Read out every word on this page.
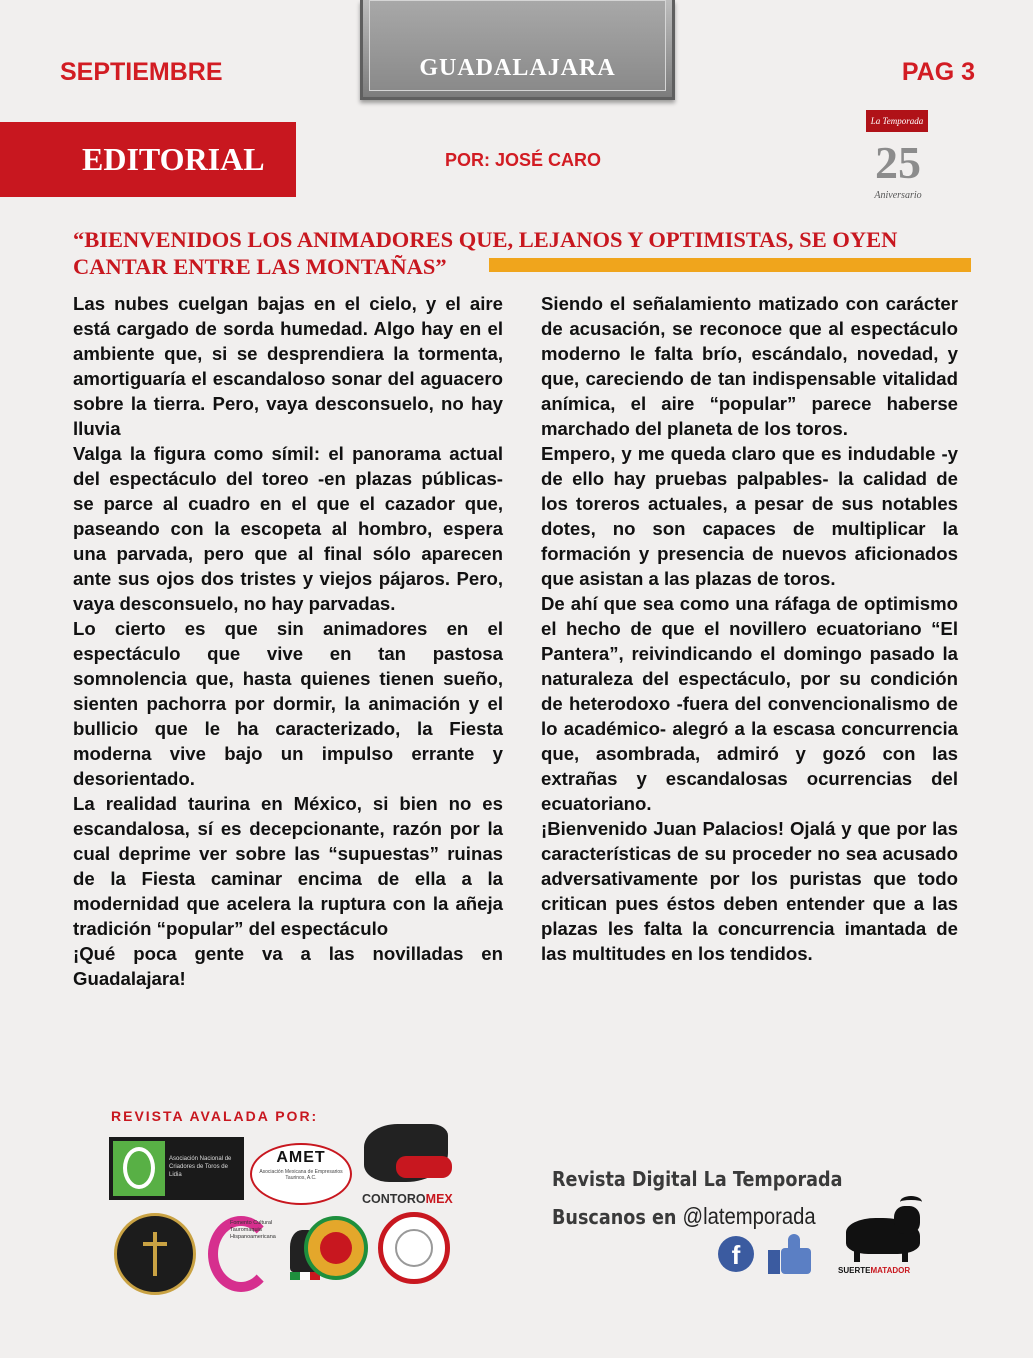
SEPTIEMBRE	GUADALAJARA	PAG 3
EDITORIAL	POR: JOSÉ CARO
La Temporada
25
Aniversario
“BIENVENIDOS LOS ANIMADORES QUE, LEJANOS Y OPTIMISTAS, SE OYEN CANTAR ENTRE LAS MONTAÑAS”

Las nubes cuelgan bajas en el cielo, y el aire está cargado de sorda humedad. Algo hay en el ambiente que, si se desprendiera la tormenta, amortiguaría el escandaloso sonar del aguacero sobre la tierra. Pero, vaya desconsuelo, no hay lluvia

Valga la figura como símil: el panorama actual del espectáculo del toreo -en plazas públicas- se parce al cuadro en el que el cazador que, paseando con la escopeta al hombro, espera una parvada, pero que al final sólo aparecen ante sus ojos dos tristes y viejos pájaros. Pero, vaya desconsuelo, no hay parvadas.

Lo cierto es que sin animadores en el espectáculo que vive en tan pastosa somnolencia que, hasta quienes tienen sueño, sienten pachorra por dormir, la animación y el bullicio que le ha caracterizado, la Fiesta moderna vive bajo un impulso errante y desorientado.

La realidad taurina en México, si bien no es escandalosa, sí es decepcionante, razón por la cual deprime ver sobre las “supuestas” ruinas de la Fiesta caminar encima de ella a la modernidad que acelera la ruptura con la añeja tradición “popular” del espectáculo

¡Qué poca gente va a las novilladas en Guadalajara!

Siendo el señalamiento matizado con carácter de acusación, se reconoce que al espectáculo moderno le falta brío, escándalo, novedad, y que, careciendo de tan indispensable vitalidad anímica, el aire “popular” parece haberse marchado del planeta de los toros.

Empero, y me queda claro que es indudable -y de ello hay pruebas palpables- la calidad de los toreros actuales, a pesar de sus notables dotes, no son capaces de multiplicar la formación y presencia de nuevos aficionados que asistan a las plazas de toros.

De ahí que sea como una ráfaga de optimismo el hecho de que el novillero ecuatoriano “El Pantera”, reivindicando el domingo pasado la naturaleza del espectáculo, por su condición de heterodoxo -fuera del convencionalismo de lo académico- alegró a la escasa concurrencia que, asombrada, admiró y gozó con las extrañas y escandalosas ocurrencias del ecuatoriano.

¡Bienvenido Juan Palacios! Ojalá y que por las características de su proceder no sea acusado adversativamente por los puristas que todo critican pues éstos deben entender que a las plazas les falta la concurrencia imantada de las multitudes en los tendidos.

REVISTA AVALADA POR:
Asociación Nacional de Criadores de Toros de Lidia
AMET
Asociación Mexicana de Empresarios Taurinos, A.C.
CONTOROMEX
Fomento Cultural Tauromaquia Hispanoamericana
Revista Digital La Temporada
Buscanos en @latemporada
f
SUERTEMATADOR
